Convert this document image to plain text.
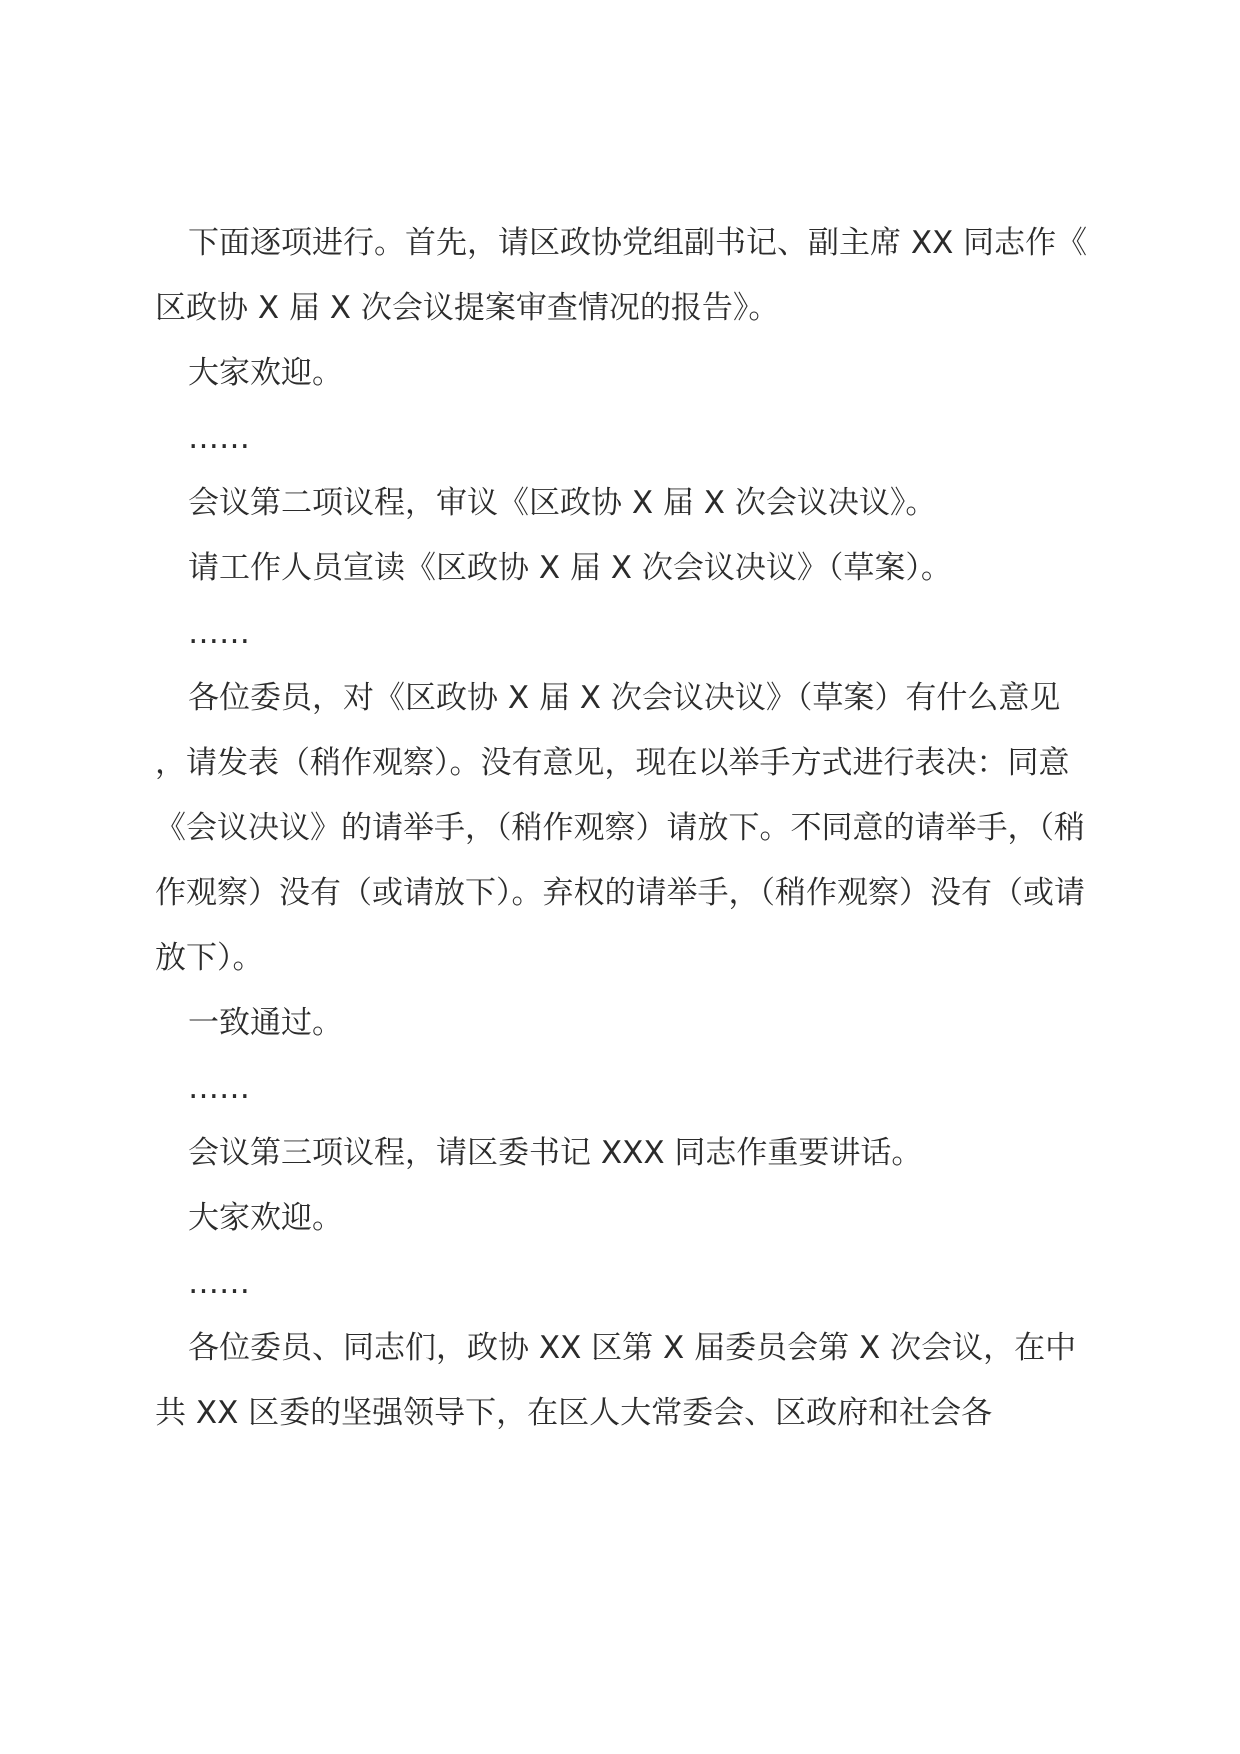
下面逐项进行。首先，请区政协党组副书记、副主席 XX 同志作《区政协 X 届 X 次会议提案审查情况的报告》。

大家欢迎。

……

会议第二项议程，审议《区政协 X 届 X 次会议决议》。

请工作人员宣读《区政协 X 届 X 次会议决议》（草案）。

……

各位委员，对《区政协 X 届 X 次会议决议》（草案）有什么意见，请发表（稍作观察）。没有意见，现在以举手方式进行表决：同意《会议决议》的请举手，（稍作观察）请放下。不同意的请举手，（稍作观察）没有（或请放下）。弃权的请举手，（稍作观察）没有（或请放下）。

一致通过。

……

会议第三项议程，请区委书记 XXX 同志作重要讲话。

大家欢迎。

……

各位委员、同志们，政协 XX 区第 X 届委员会第 X 次会议，在中共 XX 区委的坚强领导下，在区人大常委会、区政府和社会各
